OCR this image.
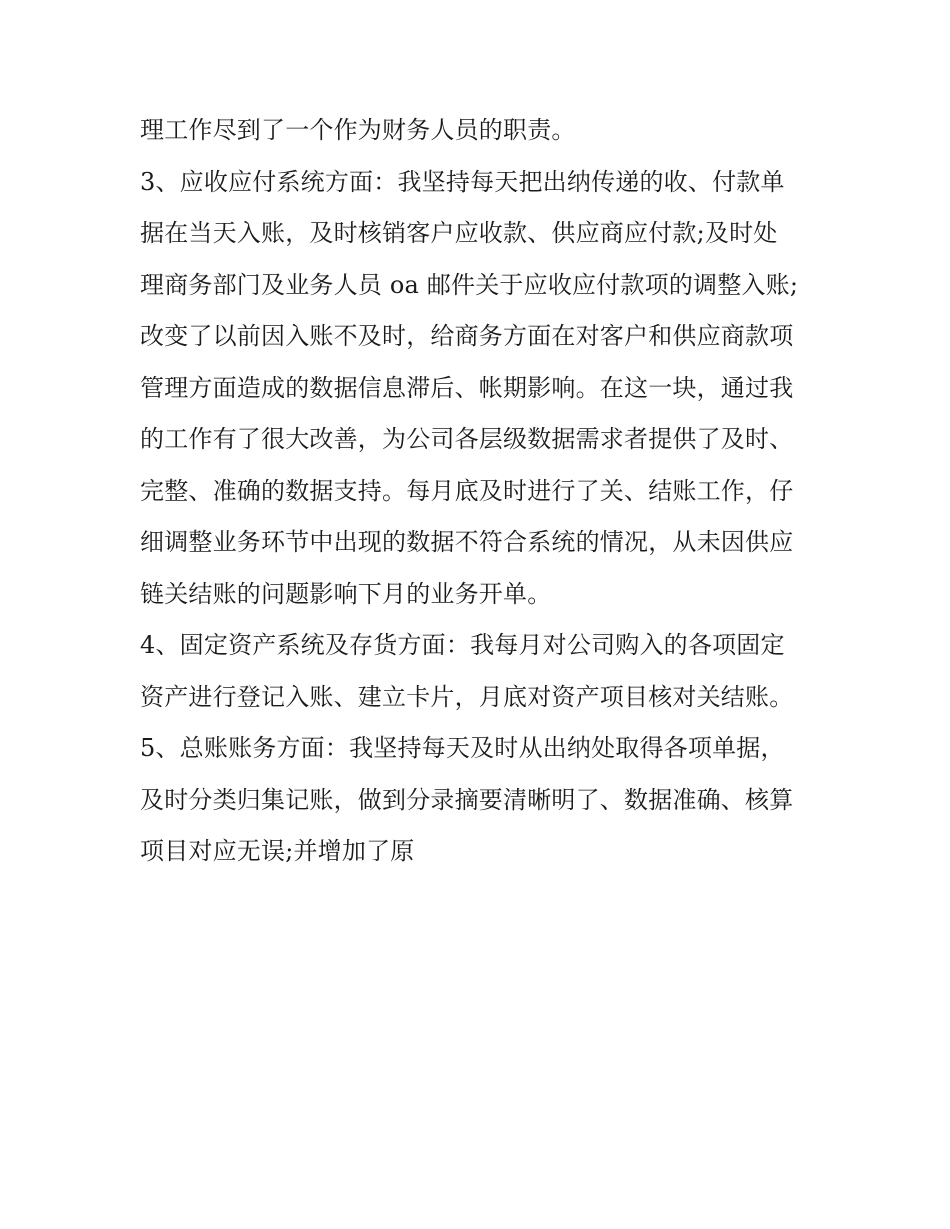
理工作尽到了一个作为财务人员的职责。
3、应收应付系统方面：我坚持每天把出纳传递的收、付款单
据在当天入账，及时核销客户应收款、供应商应付款;及时处
理商务部门及业务人员 oa 邮件关于应收应付款项的调整入账;
改变了以前因入账不及时，给商务方面在对客户和供应商款项
管理方面造成的数据信息滞后、帐期影响。在这一块，通过我
的工作有了很大改善，为公司各层级数据需求者提供了及时、
完整、准确的数据支持。每月底及时进行了关、结账工作，仔
细调整业务环节中出现的数据不符合系统的情况，从未因供应
链关结账的问题影响下月的业务开单。
4、固定资产系统及存货方面：我每月对公司购入的各项固定
资产进行登记入账、建立卡片，月底对资产项目核对关结账。
5、总账账务方面：我坚持每天及时从出纳处取得各项单据，
及时分类归集记账，做到分录摘要清晰明了、数据准确、核算
项目对应无误;并增加了原
